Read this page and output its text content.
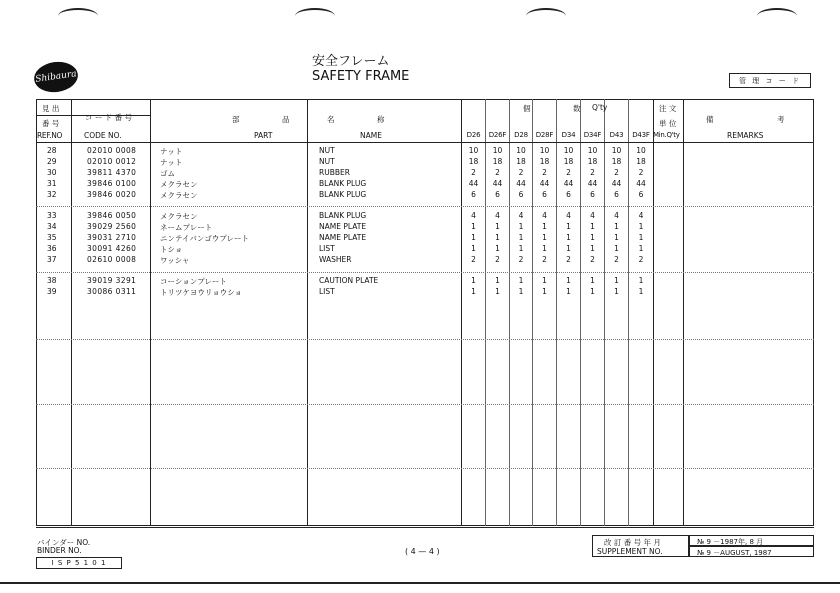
Shibaura
安全フレーム
SAFETY FRAME	管 理 コ ー ド
見 出
番 号
REF.NO
コ ー ド 番 号
CODE NO.
部	品	名	称
PART	NAME
個	数 Q'ty	注 文
単 位
Min.Q'ty
備	考
REMARKS
D26	D26F	D28	D28F	D34	D34F	D43	D43F
28	02010 0008	ナット	NUT	10	10	10	10	10	10	10	10
29	02010 0012	ナット	NUT	18	18	18	18	18	18	18	18
30	39811 4370	ゴム	RUBBER	2	2	2	2	2	2	2	2
31	39846 0100	メクラセン	BLANK PLUG	44	44	44	44	44	44	44	44
32	39846 0020	メクラセン	BLANK PLUG	6	6	6	6	6	6	6	6
33	39846 0050	メクラセン	BLANK PLUG	4	4	4	4	4	4	4	4
34	39029 2560	ネームプレート	NAME PLATE	1	1	1	1	1	1	1	1
35	39031 2710	ニンテイバンゴウプレート	NAME PLATE	1	1	1	1	1	1	1	1
36	30091 4260	トショ	LIST	1	1	1	1	1	1	1	1
37	02610 0008	ワッシャ	WASHER	2	2	2	2	2	2	2	2
38	39019 3291	コーションプレート	CAUTION PLATE	1	1	1	1	1	1	1	1
39	30086 0311	トリツケヨウリョウショ	LIST	1	1	1	1	1	1	1	1
バインダー NO.
BINDER NO.
I S P 5 1 0 1
( 4 — 4 )
改 訂 番 号 年 月
SUPPLEMENT NO.
№ 9 －1987年, 8 月
№ 9 －AUGUST, 1987
